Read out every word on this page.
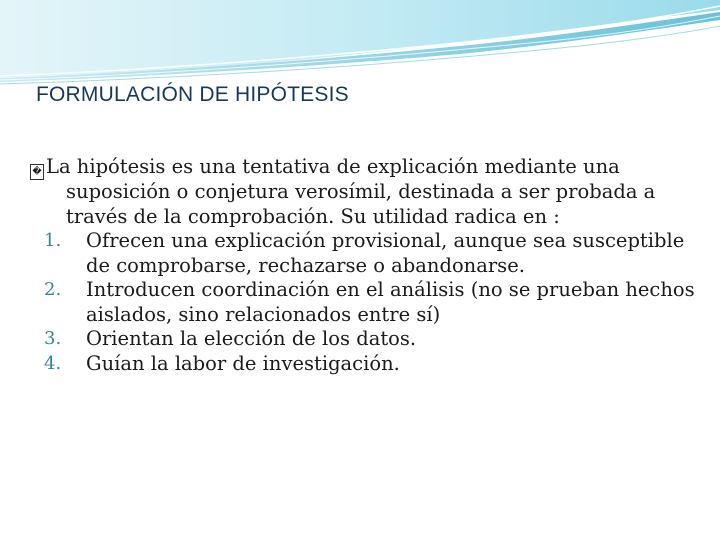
FORMULACIÓN DE HIPÓTESIS

� La hipótesis es una tentativa de explicación mediante una suposición o conjetura verosímil, destinada a ser probada a través de la comprobación. Su utilidad radica en :

1. Ofrecen una explicación provisional, aunque sea susceptible de comprobarse, rechazarse o abandonarse.
2. Introducen coordinación en el análisis (no se prueban hechos aislados, sino relacionados entre sí)
3. Orientan la elección de los datos.
4. Guían la labor de investigación.
